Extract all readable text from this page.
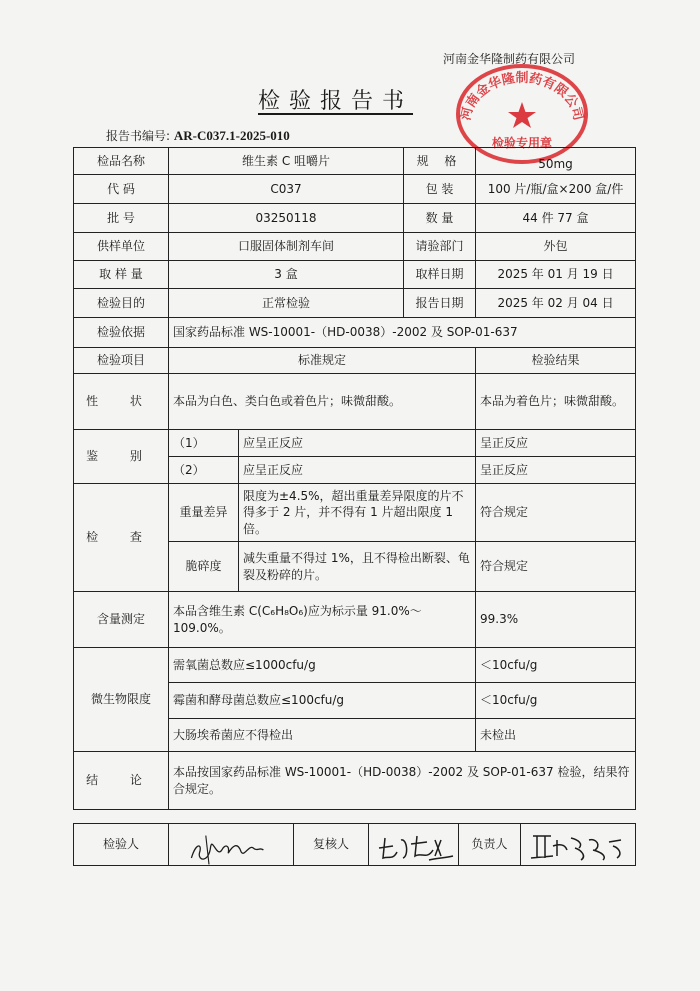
河南金华隆制药有限公司
检验报告书
报告书编号: AR-C037.1-2025-010
河南金华隆制药有限公司
检验专用章
检品名称	维生素 C 咀嚼片		规 格	50mg
代 码	C037		包 装	100 片/瓶/盒×200 盒/件
批 号	03250118		数 量	44 件 77 盒
供样单位	口服固体制剂车间		请验部门	外包
取 样 量	3 盒		取样日期	2025 年 01 月 19 日
检验目的	正常检验		报告日期	2025 年 02 月 04 日
检验依据	国家药品标准 WS-10001-（HD-0038）-2002 及 SOP-01-637			
检验项目	标准规定			检验结果
性 状	本品为白色、类白色或着色片；味微甜酸。			本品为着色片；味微甜酸。
鉴 别	（1）	应呈正反应		呈正反应
	（2）	应呈正反应		呈正反应
检 查	重量差异	限度为±4.5%，超出重量差异限度的片不得多于 2 片，并不得有 1 片超出限度 1 倍。		符合规定
	脆碎度	减失重量不得过 1%，且不得检出断裂、龟裂及粉碎的片。		符合规定
含量测定	本品含维生素 C(C₆H₈O₆)应为标示量 91.0%～109.0%。			99.3%
微生物限度	需氧菌总数应≤1000cfu/g			＜10cfu/g
	霉菌和酵母菌总数应≤100cfu/g			＜10cfu/g
	大肠埃希菌应不得检出			未检出
结 论	本品按国家药品标准 WS-10001-（HD-0038）-2002 及 SOP-01-637 检验，结果符合规定。			
检验人		复核人		负责人	
